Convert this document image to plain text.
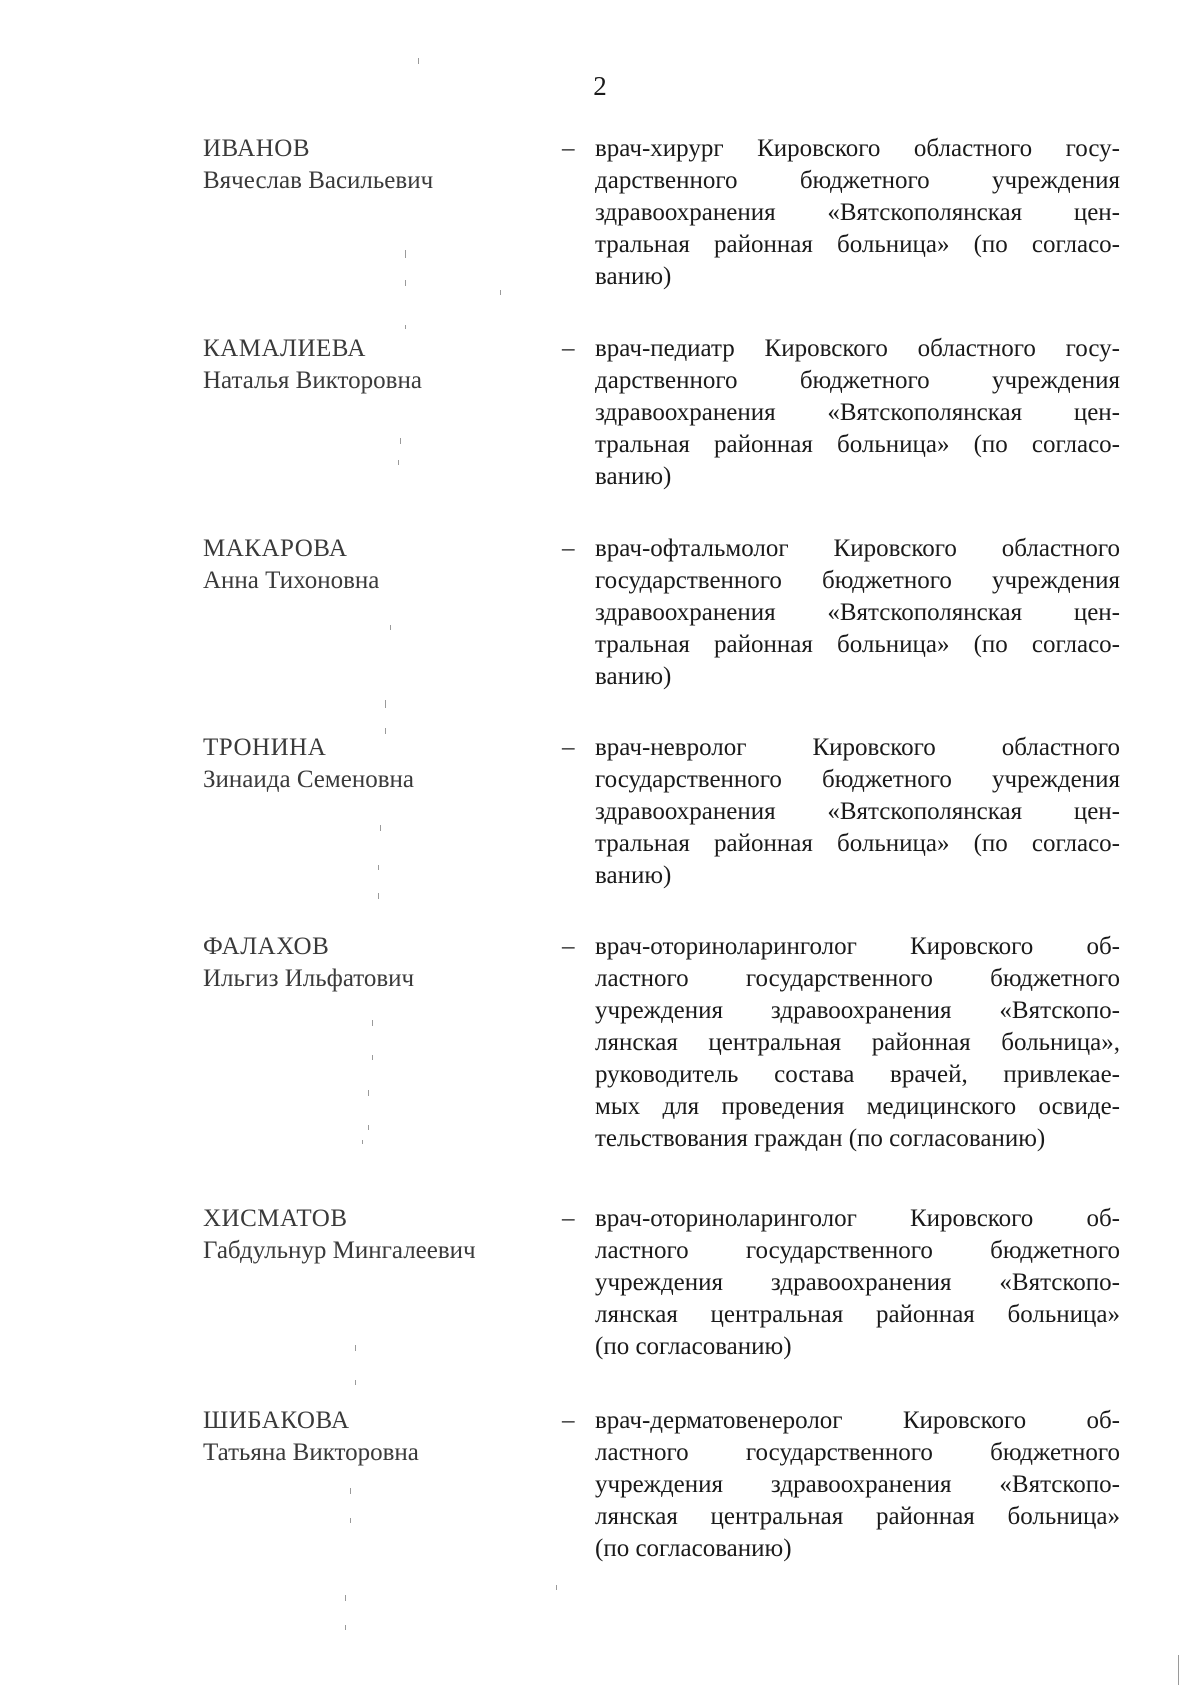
2
ИВАНОВ
Вячеслав Васильевич
– врач-хирург Кировского областного госу-
дарственного бюджетного учреждения
здравоохранения «Вятскополянская цен-
тральная районная больница» (по согласо-
ванию)
КАМАЛИЕВА
Наталья Викторовна
– врач-педиатр Кировского областного госу-
дарственного бюджетного учреждения
здравоохранения «Вятскополянская цен-
тральная районная больница» (по согласо-
ванию)
МАКАРОВА
Анна Тихоновна
– врач-офтальмолог Кировского областного
государственного бюджетного учреждения
здравоохранения «Вятскополянская цен-
тральная районная больница» (по согласо-
ванию)
ТРОНИНА
Зинаида Семеновна
– врач-невролог Кировского областного
государственного бюджетного учреждения
здравоохранения «Вятскополянская цен-
тральная районная больница» (по согласо-
ванию)
ФАЛАХОВ
Ильгиз Ильфатович
– врач-оториноларинголог Кировского об-
ластного государственного бюджетного
учреждения здравоохранения «Вятскопо-
лянская центральная районная больница»,
руководитель состава врачей, привлекае-
мых для проведения медицинского освиде-
тельствования граждан (по согласованию)
ХИСМАТОВ
Габдульнур Мингалеевич
– врач-оториноларинголог Кировского об-
ластного государственного бюджетного
учреждения здравоохранения «Вятскопо-
лянская центральная районная больница»
(по согласованию)
ШИБАКОВА
Татьяна Викторовна
– врач-дерматовенеролог Кировского об-
ластного государственного бюджетного
учреждения здравоохранения «Вятскопо-
лянская центральная районная больница»
(по согласованию)
